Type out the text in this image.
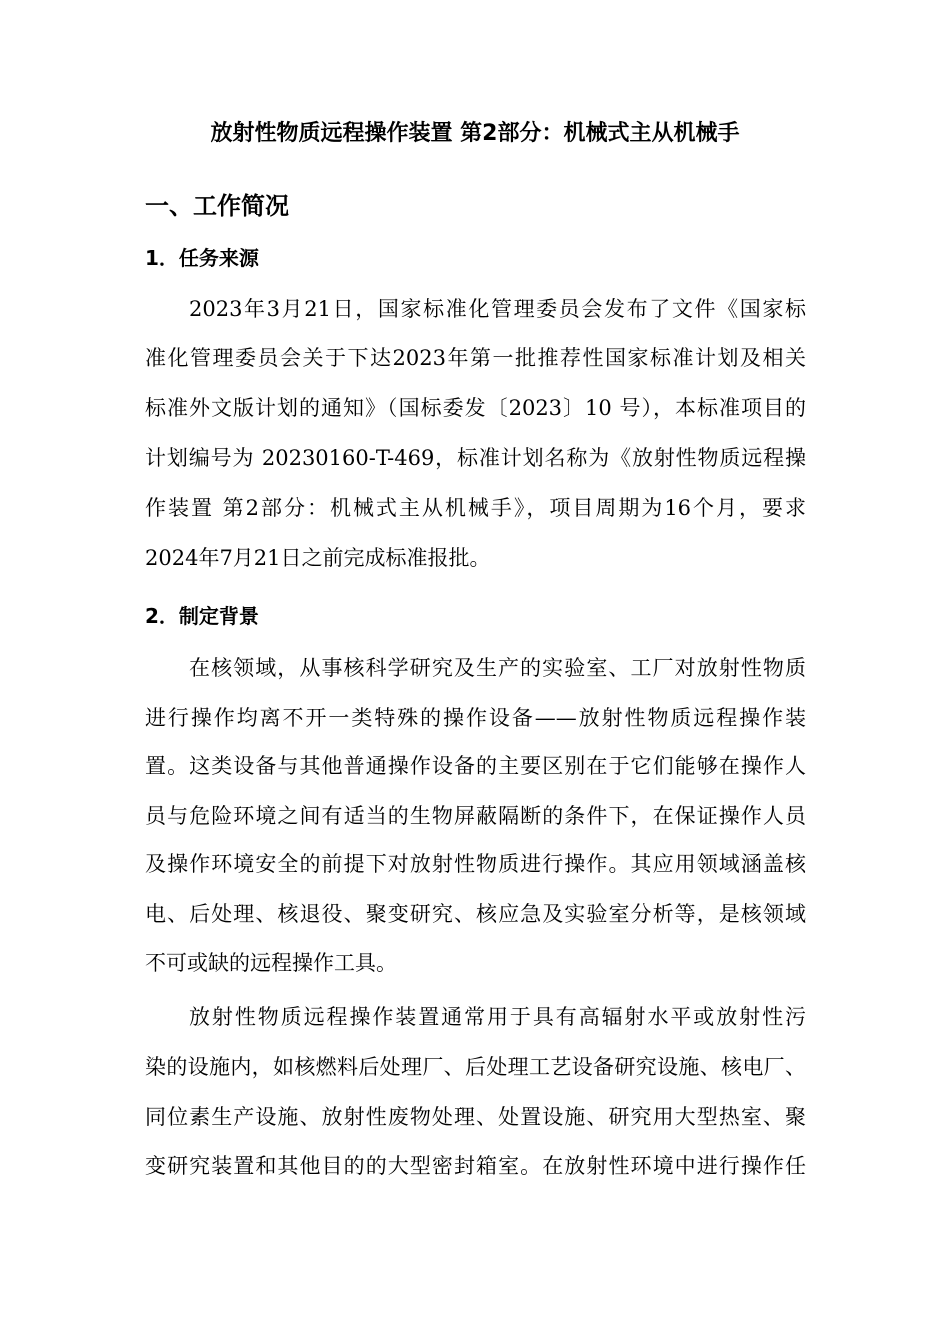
放射性物质远程操作装置 第2部分：机械式主从机械手
一、工作简况
1．任务来源
2023年3月21日，国家标准化管理委员会发布了文件《国家标
准化管理委员会关于下达2023年第一批推荐性国家标准计划及相关
标准外文版计划的通知》（国标委发〔2023〕10 号），本标准项目的
计划编号为 20230160-T-469，标准计划名称为《放射性物质远程操
作装置 第2部分：机械式主从机械手》，项目周期为16个月，要求
2024年7月21日之前完成标准报批。
2．制定背景
在核领域，从事核科学研究及生产的实验室、工厂对放射性物质
进行操作均离不开一类特殊的操作设备——放射性物质远程操作装
置。这类设备与其他普通操作设备的主要区别在于它们能够在操作人
员与危险环境之间有适当的生物屏蔽隔断的条件下，在保证操作人员
及操作环境安全的前提下对放射性物质进行操作。其应用领域涵盖核
电、后处理、核退役、聚变研究、核应急及实验室分析等，是核领域
不可或缺的远程操作工具。
放射性物质远程操作装置通常用于具有高辐射水平或放射性污
染的设施内，如核燃料后处理厂、后处理工艺设备研究设施、核电厂、
同位素生产设施、放射性废物处理、处置设施、研究用大型热室、聚
变研究装置和其他目的的大型密封箱室。在放射性环境中进行操作任
